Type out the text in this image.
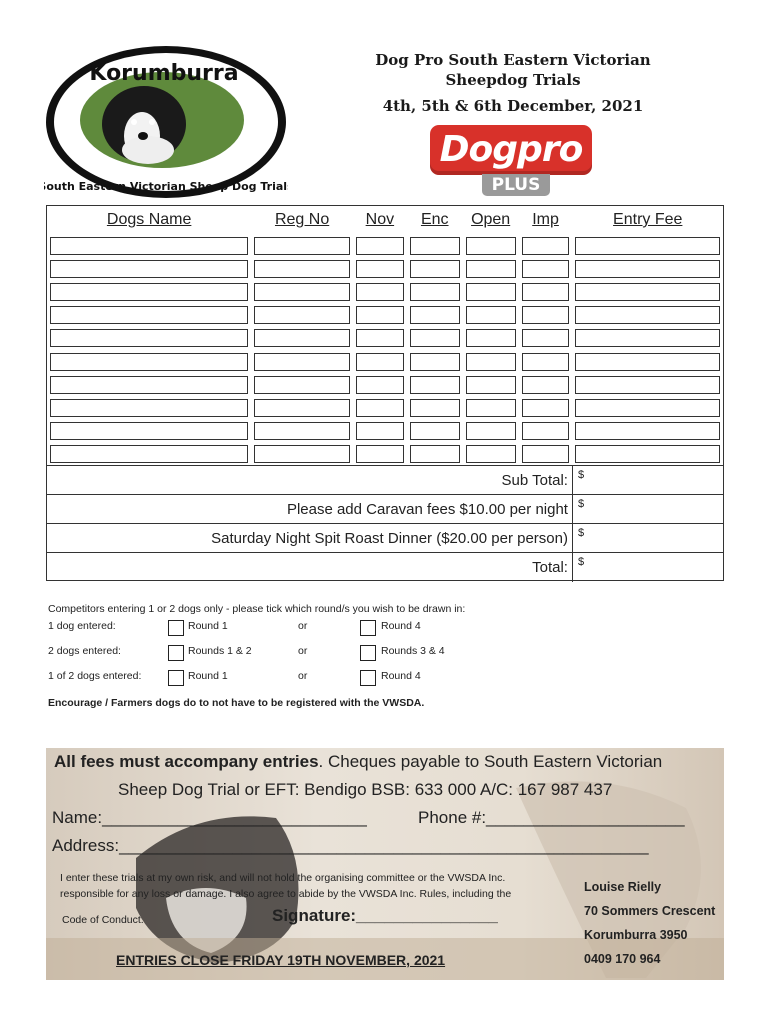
Korumburra
South Eastern Victorian Sheep Dog Trials
Dog Pro South Eastern Victorian
Sheepdog Trials
4th, 5th & 6th December, 2021
Dogpro
PLUS
Dogs Name	Reg No	Nov	Enc	Open	Imp	Entry Fee

Sub Total:						$
Please add Caravan fees $10.00 per night						$
Saturday Night Spit Roast Dinner ($20.00 per person)						$
Total:						$
Competitors entering 1 or 2 dogs only - please tick which round/s you wish to be drawn in:
1 dog entered:	Round 1	or	Round 4
2 dogs entered:	Rounds 1 & 2	or	Rounds 3 & 4
1 of 2 dogs entered:	Round 1	or	Round 4
Encourage / Farmers dogs do to not have to be registered with the VWSDA.
All fees must accompany entries. Cheques payable to South Eastern Victorian
Sheep Dog Trial or EFT: Bendigo BSB: 633 000 A/C: 167 987 437
Name:____________________________	Phone #:_____________________
Address:________________________________________________________
I enter these trials at my own risk, and will not hold the organising committee or the VWSDA Inc.
responsible for any loss or damage. I also agree to abide by the VWSDA Inc. Rules, including the
Code of Conduct.	Signature:_______________
ENTRIES CLOSE FRIDAY 19TH NOVEMBER, 2021
Louise Rielly
70 Sommers Crescent
Korumburra 3950
0409 170 964
